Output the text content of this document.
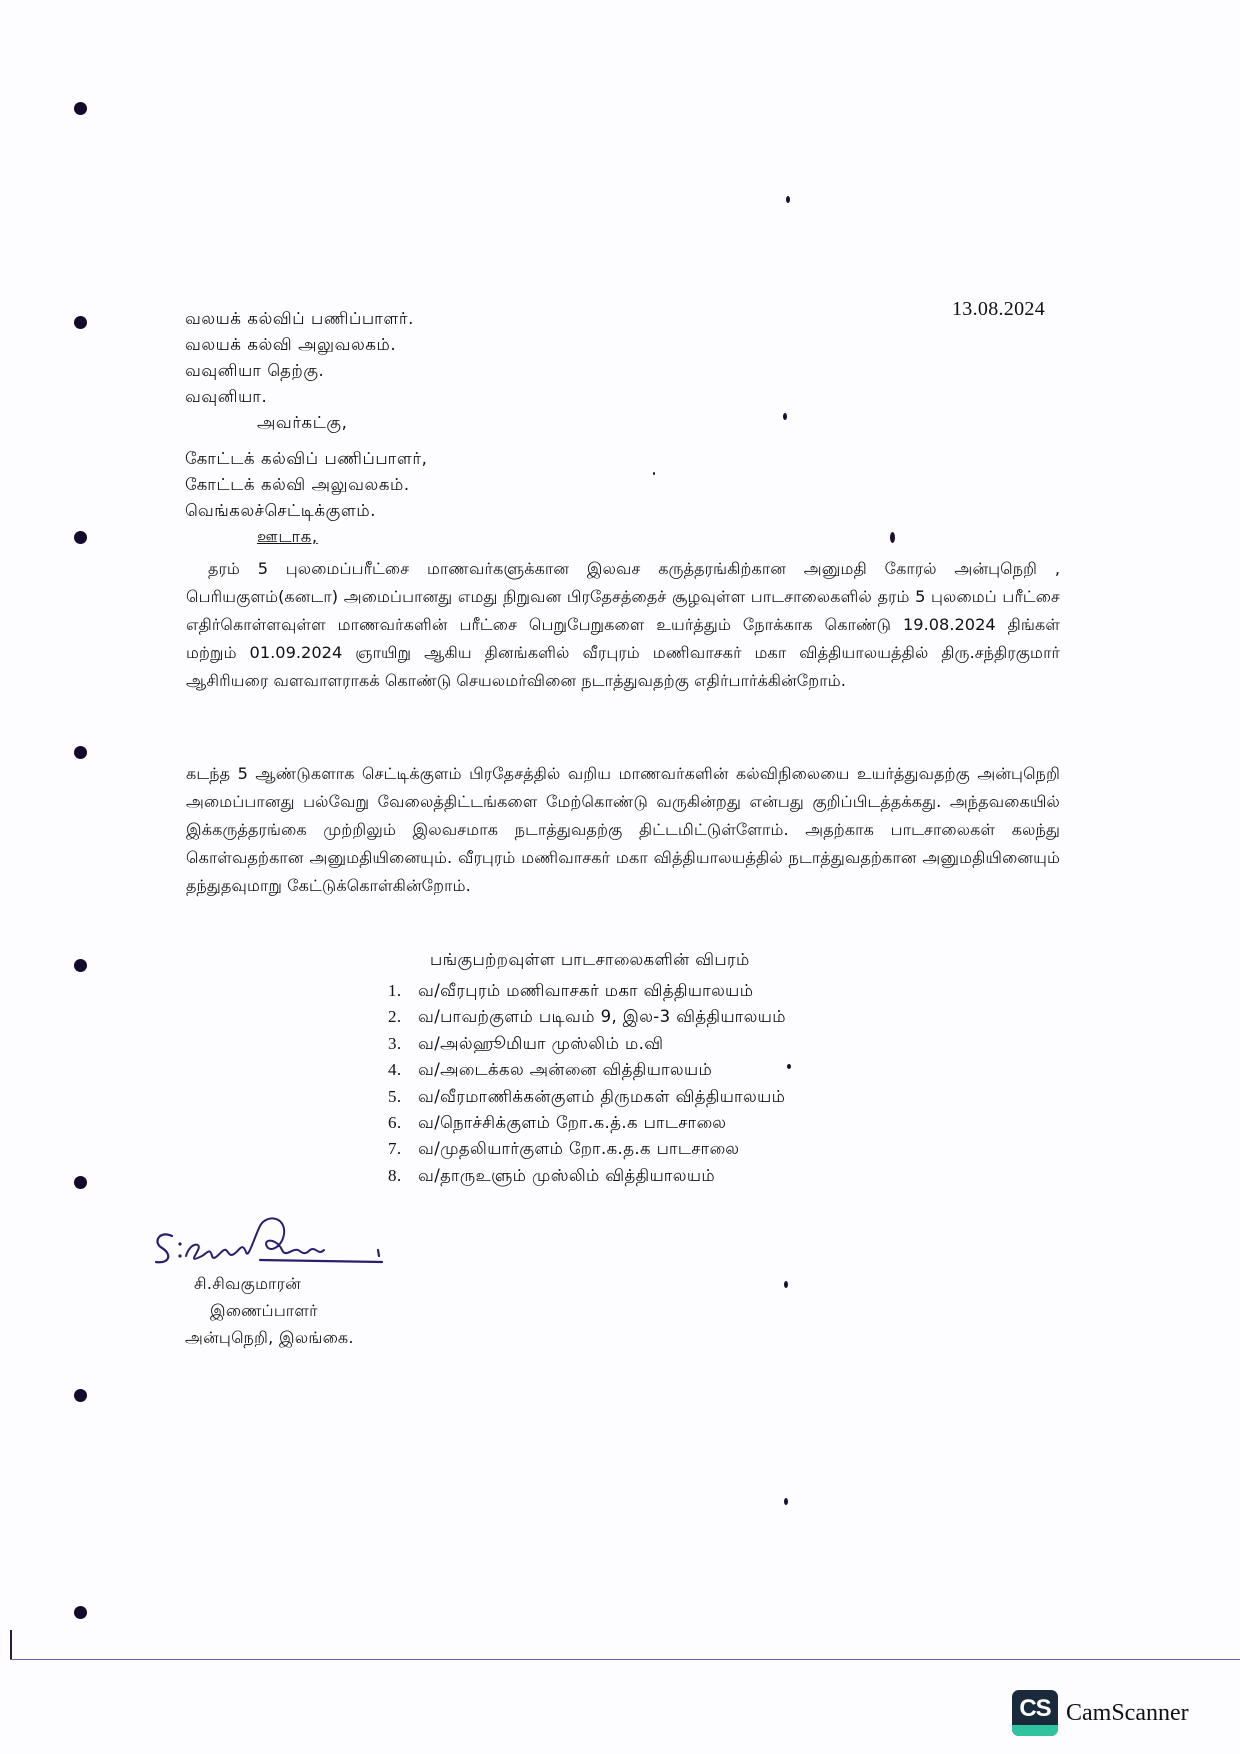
13.08.2024
வலயக் கல்விப் பணிப்பாளர்.
வலயக் கல்வி அலுவலகம்.
வவுனியா தெற்கு.
வவுனியா.
அவர்கட்கு,
கோட்டக் கல்விப் பணிப்பாளர்,
கோட்டக் கல்வி அலுவலகம்.
வெங்கலச்செட்டிக்குளம்.
ஊடாக,

தரம் 5 புலமைப்பரீட்சை மாணவர்களுக்கான இலவச கருத்தரங்கிற்கான அனுமதி கோரல் அன்புநெறி , பெரியகுளம்(கனடா) அமைப்பானது எமது நிறுவன பிரதேசத்தைச் சூழவுள்ள பாடசாலைகளில் தரம் 5 புலமைப் பரீட்சை எதிர்கொள்ளவுள்ள மாணவர்களின் பரீட்சை பெறுபேறுகளை உயர்த்தும் நோக்காக கொண்டு 19.08.2024 திங்கள் மற்றும் 01.09.2024 ஞாயிறு ஆகிய தினங்களில் வீரபுரம் மணிவாசகர் மகா வித்தியாலயத்தில் திரு.சந்திரகுமார் ஆசிரியரை வளவாளராகக் கொண்டு செயலமர்வினை நடாத்துவதற்கு எதிர்பார்க்கின்றோம்.

கடந்த 5 ஆண்டுகளாக செட்டிக்குளம் பிரதேசத்தில் வறிய மாணவர்களின் கல்விநிலையை உயர்த்துவதற்கு அன்புநெறி அமைப்பானது பல்வேறு வேலைத்திட்டங்களை மேற்கொண்டு வருகின்றது என்பது குறிப்பிடத்தக்கது. அந்தவகையில் இக்கருத்தரங்கை முற்றிலும் இலவசமாக நடாத்துவதற்கு திட்டமிட்டுள்ளோம். அதற்காக பாடசாலைகள் கலந்து கொள்வதற்கான அனுமதியினையும். வீரபுரம் மணிவாசகர் மகா வித்தியாலயத்தில் நடாத்துவதற்கான அனுமதியினையும் தந்துதவுமாறு கேட்டுக்கொள்கின்றோம்.

பங்குபற்றவுள்ள பாடசாலைகளின் விபரம்
1. வ/வீரபுரம் மணிவாசகர் மகா வித்தியாலயம்
2. வ/பாவற்குளம் படிவம் 9, இல-3 வித்தியாலயம்
3. வ/அல்ஹூமியா முஸ்லிம் ம.வி
4. வ/அடைக்கல அன்னை வித்தியாலயம்
5. வ/வீரமாணிக்கன்குளம் திருமகள் வித்தியாலயம்
6. வ/நொச்சிக்குளம் றோ.க.த்.க பாடசாலை
7. வ/முதலியார்குளம் றோ.க.த.க பாடசாலை
8. வ/தாருஉளும் முஸ்லிம் வித்தியாலயம்
சி.சிவகுமாரன்
இணைப்பாளர்
அன்புநெறி, இலங்கை.
CS CamScanner
